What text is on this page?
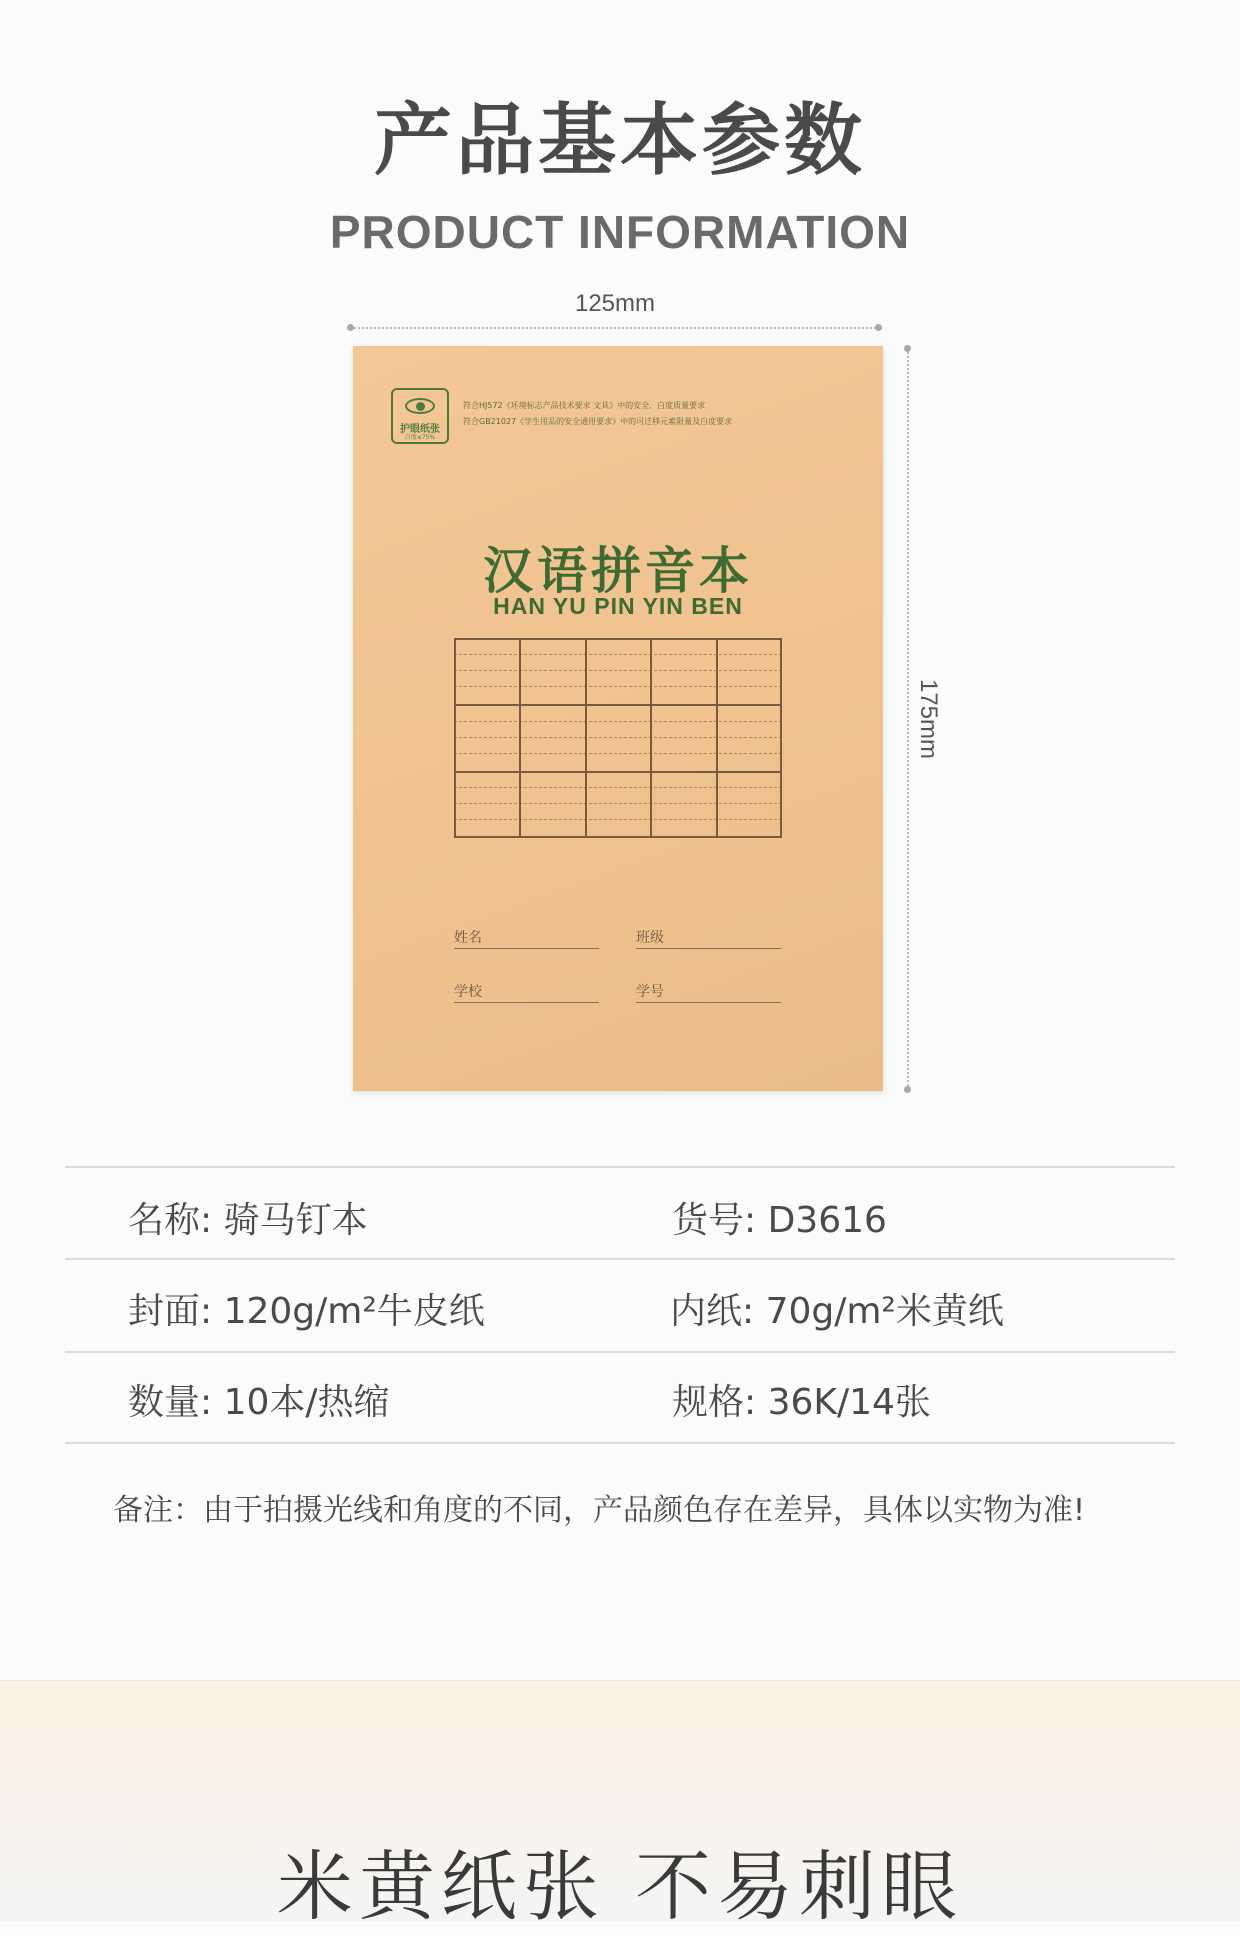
产品基本参数
PRODUCT INFORMATION
125mm
175mm
护眼纸张
白度≤75%
符合HJ572《环境标志产品技术要求 文具》中的安全、白度质量要求
符合GB21027《学生用品的安全通用要求》中的可迁移元素限量及白度要求
汉语拼音本
HAN YU PIN YIN BEN
姓名	班级
学校	学号
名称: 骑马钉本	货号: D3616
封面: 120g/m²牛皮纸	内纸: 70g/m²米黄纸
数量: 10本/热缩	规格: 36K/14张
备注：由于拍摄光线和角度的不同，产品颜色存在差异，具体以实物为准!
米黄纸张 不易刺眼
